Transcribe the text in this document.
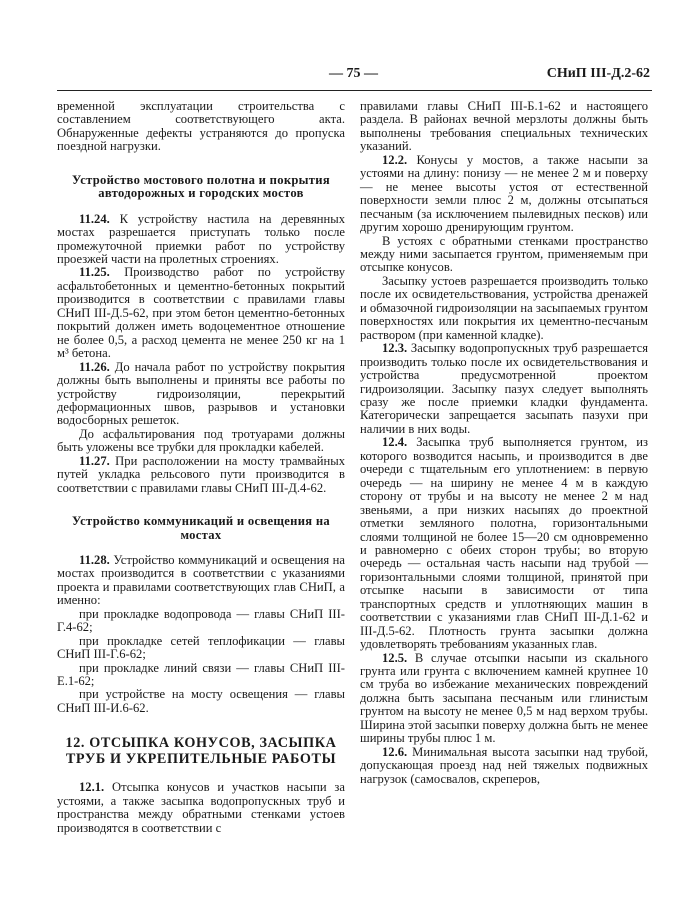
— 75 —	СНиП III-Д.2-62

временной эксплуатации строительства с составлением соответствующего акта. Обнаруженные дефекты устраняются до пропуска поездной нагрузки.

Устройство мостового полотна и покрытия автодорожных и городских мостов

11.24. К устройству настила на деревянных мостах разрешается приступать только после промежуточной приемки работ по устройству проезжей части на пролетных строениях.

11.25. Производство работ по устройству асфальтобетонных и цементно-бетонных покрытий производится в соответствии с правилами главы СНиП III-Д.5-62, при этом бетон цементно-бетонных покрытий должен иметь водоцементное отношение не более 0,5, а расход цемента не менее 250 кг на 1 м³ бетона.

11.26. До начала работ по устройству покрытия должны быть выполнены и приняты все работы по устройству гидроизоляции, перекрытий деформационных швов, разрывов и установки водосборных решеток.

До асфальтирования под тротуарами должны быть уложены все трубки для прокладки кабелей.

11.27. При расположении на мосту трамвайных путей укладка рельсового пути производится в соответствии с правилами главы СНиП III-Д.4-62.

Устройство коммуникаций и освещения на мостах

11.28. Устройство коммуникаций и освещения на мостах производится в соответствии с указаниями проекта и правилами соответствующих глав СНиП, а именно:

при прокладке водопровода — главы СНиП III-Г.4-62;

при прокладке сетей теплофикации — главы СНиП III-Г.6-62;

при прокладке линий связи — главы СНиП III-Е.1-62;

при устройстве на мосту освещения — главы СНиП III-И.6-62.

12. ОТСЫПКА КОНУСОВ, ЗАСЫПКА ТРУБ И УКРЕПИТЕЛЬНЫЕ РАБОТЫ

12.1. Отсыпка конусов и участков насыпи за устоями, а также засыпка водопропускных труб и пространства между обратными стенками устоев производятся в соответствии с

правилами главы СНиП III-Б.1-62 и настоящего раздела. В районах вечной мерзлоты должны быть выполнены требования специальных технических указаний.

12.2. Конусы у мостов, а также насыпи за устоями на длину: понизу — не менее 2 м и поверху — не менее высоты устоя от естественной поверхности земли плюс 2 м, должны отсыпаться песчаным (за исключением пылевидных песков) или другим хорошо дренирующим грунтом.

В устоях с обратными стенками пространство между ними засыпается грунтом, применяемым при отсыпке конусов.

Засыпку устоев разрешается производить только после их освидетельствования, устройства дренажей и обмазочной гидроизоляции на засыпаемых грунтом поверхностях или покрытия их цементно-песчаным раствором (при каменной кладке).

12.3. Засыпку водопропускных труб разрешается производить только после их освидетельствования и устройства предусмотренной проектом гидроизоляции. Засыпку пазух следует выполнять сразу же после приемки кладки фундамента. Категорически запрещается засыпать пазухи при наличии в них воды.

12.4. Засыпка труб выполняется грунтом, из которого возводится насыпь, и производится в две очереди с тщательным его уплотнением: в первую очередь — на ширину не менее 4 м в каждую сторону от трубы и на высоту не менее 2 м над звеньями, а при низких насыпях до проектной отметки земляного полотна, горизонтальными слоями толщиной не более 15—20 см одновременно и равномерно с обеих сторон трубы; во вторую очередь — остальная часть насыпи над трубой — горизонтальными слоями толщиной, принятой при отсыпке насыпи в зависимости от типа транспортных средств и уплотняющих машин в соответствии с указаниями глав СНиП III-Д.1-62 и III-Д.5-62. Плотность грунта засыпки должна удовлетворять требованиям указанных глав.

12.5. В случае отсыпки насыпи из скального грунта или грунта с включением камней крупнее 10 см труба во избежание механических повреждений должна быть засыпана песчаным или глинистым грунтом на высоту не менее 0,5 м над верхом трубы. Ширина этой засыпки поверху должна быть не менее ширины трубы плюс 1 м.

12.6. Минимальная высота засыпки над трубой, допускающая проезд над ней тяжелых подвижных нагрузок (самосвалов, скреперов,
